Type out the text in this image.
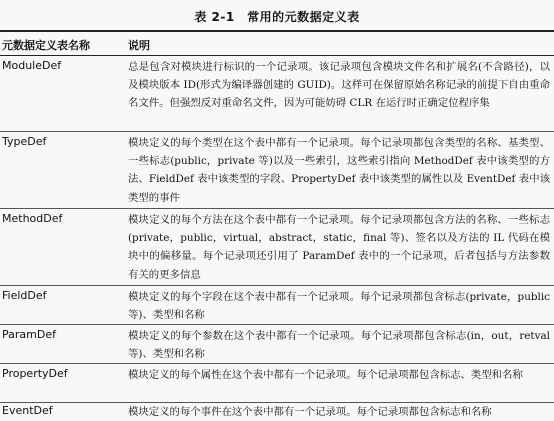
表 2-1　常用的元数据定义表
元数据定义表名称	说明
ModuleDef	总是包含对模块进行标识的一个记录项。该记录项包含模块文件名和扩展名(不含路径)，以及模块版本 ID(形式为编译器创建的 GUID)。这样可在保留原始名称记录的前提下自由重命名文件。但强烈反对重命名文件，因为可能妨碍 CLR 在运行时正确定位程序集
TypeDef	模块定义的每个类型在这个表中都有一个记录项。每个记录项都包含类型的名称、基类型、一些标志(public，private 等)以及一些索引，这些索引指向 MethodDef 表中该类型的方法、FieldDef 表中该类型的字段、PropertyDef 表中该类型的属性以及 EventDef 表中该类型的事件
MethodDef	模块定义的每个方法在这个表中都有一个记录项。每个记录项都包含方法的名称、一些标志(private，public，virtual，abstract，static，final 等)、签名以及方法的 IL 代码在模块中的偏移量。每个记录项还引用了 ParamDef 表中的一个记录项，后者包括与方法参数有关的更多信息
FieldDef	模块定义的每个字段在这个表中都有一个记录项。每个记录项都包含标志(private，public 等)、类型和名称
ParamDef	模块定义的每个参数在这个表中都有一个记录项。每个记录项都包含标志(in，out，retval 等)、类型和名称
PropertyDef	模块定义的每个属性在这个表中都有一个记录项。每个记录项都包含标志、类型和名称
EventDef	模块定义的每个事件在这个表中都有一个记录项。每个记录项都包含标志和名称
